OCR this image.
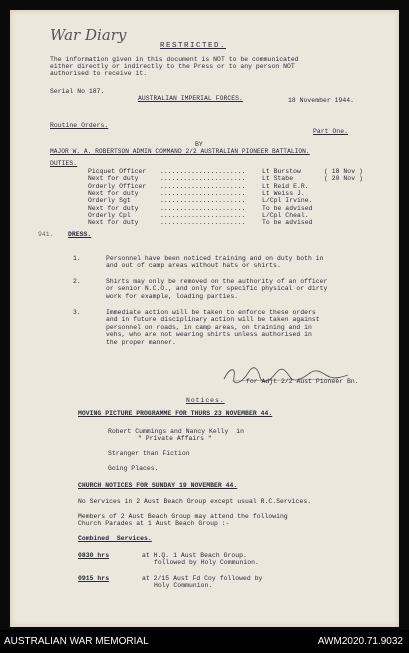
War Diary
RESTRICTED.
The information given in this document is NOT to be communicated
either directly or indirectly to the Press or to any person NOT
authorised to receive it.
Serial No 187.
AUSTRALIAN IMPERIAL FORCES.	18 November 1944.
Routine Orders.
Part One.
BY
MAJOR W. A. ROBERTSON ADMIN COMMAND 2/2 AUSTRALIAN PIONEER BATTALION.
DUTIES.
Picquet Officer ......................	Lt Burstow	( 18 Nov )
Next for duty	......................	Lt Stabe	( 20 Nov )
Orderly Officer ......................	Lt Reid E.R.
Next for duty	......................	Lt Weiss J.
Orderly Sgt	......................	L/Cpl Irvine.
Next for duty	......................	To be advised
Orderly Cpl	......................	L/Cpl Cheal.
Next for duty	......................	To be advised
941. DRESS.
1.	Personnel have been noticed training and on duty both in
and out of camp areas without hats or shirts.
2.	Shirts may only be removed on the authority of an officer
or senior N.C.O., and only for specific physical or dirty
work for example, loading parties.
3.	Immediate action will be taken to enforce these orders
and in future disciplinary action will be taken against
personnel on roads, in camp areas, on training and in
vehs, who are not wearing shirts unless authorised in
the proper manner.
for Adjt 2/2 Aust Pioneer Bn.
Notices.
MOVING PICTURE PROGRAMME FOR THURS 23 NOVEMBER 44.
Robert Cummings and Nancy Kelly  in
" Private Affairs "
Stranger than Fiction
Going Places.
CHURCH NOTICES FOR SUNDAY 19 NOVEMBER 44.
No Services in 2 Aust Beach Group except usual R.C.Services.
Members of 2 Aust Beach Group may attend the following
Church Parades at 1 Aust Beach Group :-
Combined  Services.
0830 hrs	at H.Q. 1 Aust Beach Group.
followed by Holy Communion.
0915 hrs	at 2/15 Aust Fd Coy followed by
Holy Communion.
AUSTRALIAN WAR MEMORIAL	AWM2020.71.9032
